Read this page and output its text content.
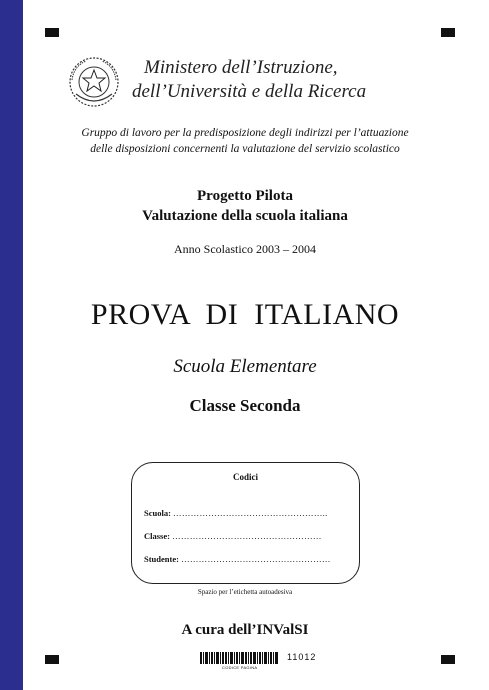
Ministero dell’Istruzione,
dell’Università e della Ricerca
Gruppo di lavoro per la predisposizione degli indirizzi per l’attuazione
delle disposizioni concernenti la valutazione del servizio scolastico
Progetto Pilota
Valutazione della scuola italiana
Anno Scolastico 2003 – 2004
PROVA  DI  ITALIANO
Scuola Elementare
Classe Seconda
Codici
Scuola: ……………………………………………..
Classe: ……………………………………………
Studente: ……………………………………………
Spazio per l’etichetta autoadesiva
A cura dell’INValSI
CODICE PAGINA
11012
